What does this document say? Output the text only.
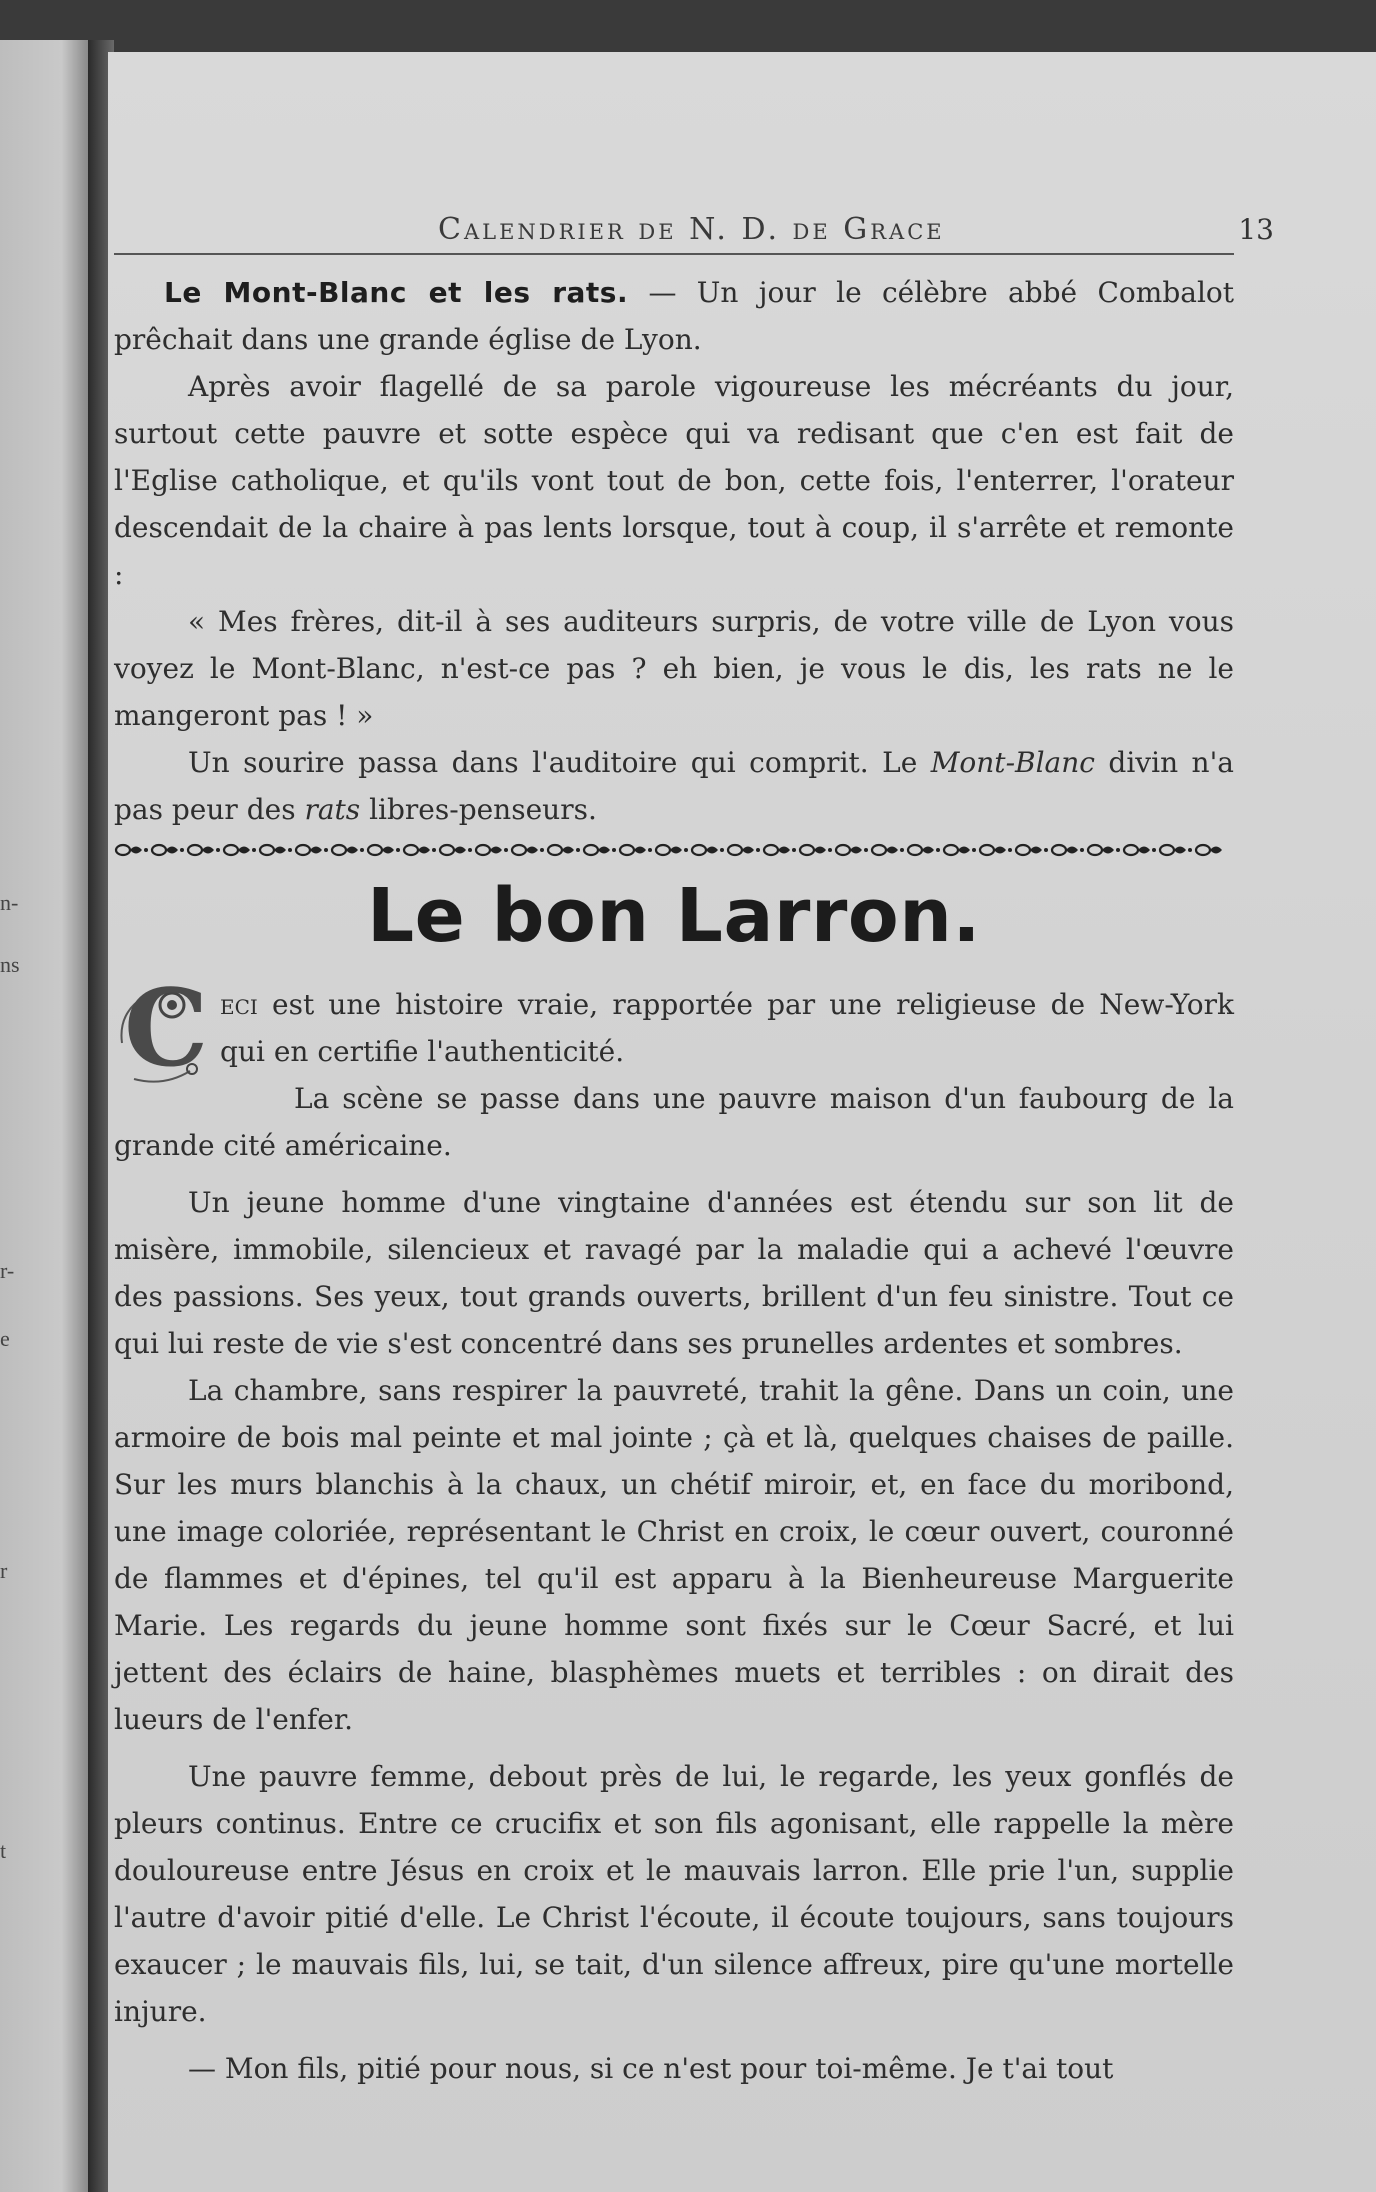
n-
ns
r-
e
r
t
Calendrier de N. D. de Grace	13

Le Mont-Blanc et les rats. — Un jour le célèbre abbé Combalot prêchait dans une grande église de Lyon.

Après avoir flagellé de sa parole vigoureuse les mécréants du jour, surtout cette pauvre et sotte espèce qui va redisant que c'en est fait de l'Eglise catholique, et qu'ils vont tout de bon, cette fois, l'enterrer, l'orateur descendait de la chaire à pas lents lorsque, tout à coup, il s'arrête et remonte :

« Mes frères, dit-il à ses auditeurs surpris, de votre ville de Lyon vous voyez le Mont-Blanc, n'est-ce pas ? eh bien, je vous le dis, les rats ne le mangeront pas ! »

Un sourire passa dans l'auditoire qui comprit. Le Mont-Blanc divin n'a pas peur des rats libres-penseurs.

Le bon Larron.
C eci est une histoire vraie, rapportée par une religieuse de New-York qui en certifie l'authenticité.

La scène se passe dans une pauvre maison d'un faubourg de la grande cité américaine.

Un jeune homme d'une vingtaine d'années est étendu sur son lit de misère, immobile, silencieux et ravagé par la maladie qui a achevé l'œuvre des passions. Ses yeux, tout grands ouverts, brillent d'un feu sinistre. Tout ce qui lui reste de vie s'est concentré dans ses prunelles ardentes et sombres.

La chambre, sans respirer la pauvreté, trahit la gêne. Dans un coin, une armoire de bois mal peinte et mal jointe ; çà et là, quelques chaises de paille. Sur les murs blanchis à la chaux, un chétif miroir, et, en face du moribond, une image coloriée, représentant le Christ en croix, le cœur ouvert, couronné de flammes et d'épines, tel qu'il est apparu à la Bienheureuse Marguerite Marie. Les regards du jeune homme sont fixés sur le Cœur Sacré, et lui jettent des éclairs de haine, blasphèmes muets et terribles : on dirait des lueurs de l'enfer.

Une pauvre femme, debout près de lui, le regarde, les yeux gonflés de pleurs continus. Entre ce crucifix et son fils agonisant, elle rappelle la mère douloureuse entre Jésus en croix et le mauvais larron. Elle prie l'un, supplie l'autre d'avoir pitié d'elle. Le Christ l'écoute, il écoute toujours, sans toujours exaucer ; le mauvais fils, lui, se tait, d'un silence affreux, pire qu'une mortelle injure.

— Mon fils, pitié pour nous, si ce n'est pour toi-même. Je t'ai tout
